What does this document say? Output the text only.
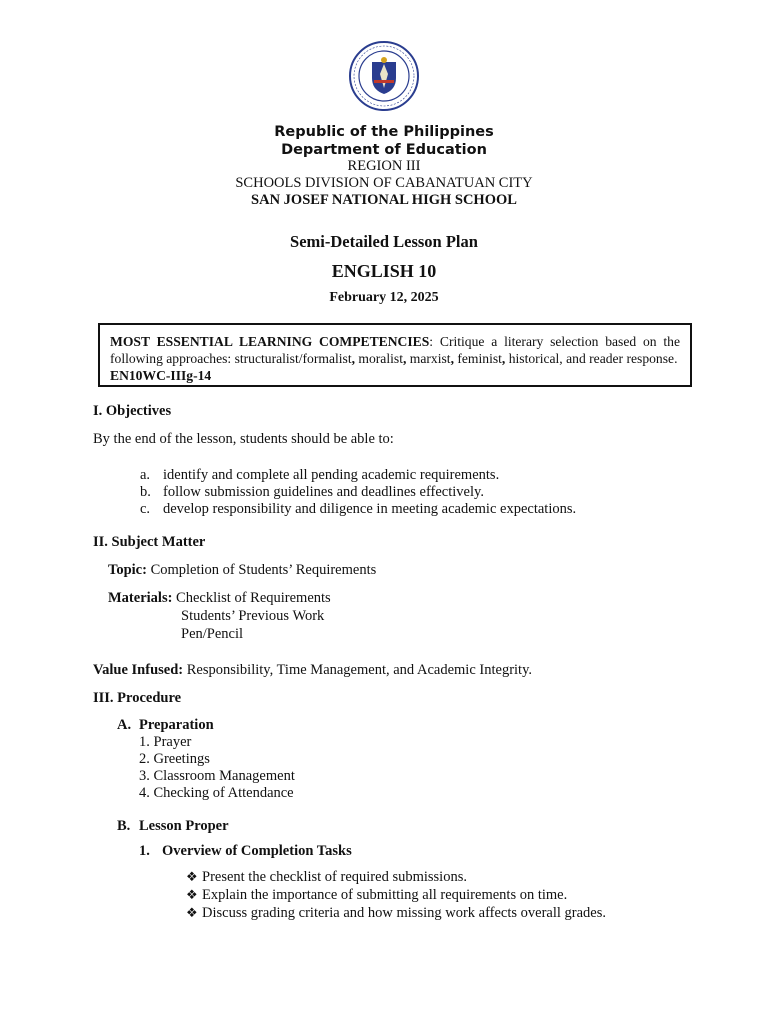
Republic of the Philippines
Department of Education
REGION III
SCHOOLS DIVISION OF CABANATUAN CITY
SAN JOSEF NATIONAL HIGH SCHOOL
Semi-Detailed Lesson Plan
ENGLISH 10
February 12, 2025
MOST ESSENTIAL LEARNING COMPETENCIES: Critique a literary selection based on the following approaches: structuralist/formalist, moralist, marxist, feminist, historical, and reader response.
EN10WC-IIIg-14
I. Objectives
By the end of the lesson, students should be able to:
a. identify and complete all pending academic requirements.
b. follow submission guidelines and deadlines effectively.
c. develop responsibility and diligence in meeting academic expectations.
II. Subject Matter
Topic: Completion of Students’ Requirements
Materials: Checklist of Requirements
Students’ Previous Work
Pen/Pencil
Value Infused: Responsibility, Time Management, and Academic Integrity.
III. Procedure
A. Preparation
1. Prayer
2. Greetings
3. Classroom Management
4. Checking of Attendance
B. Lesson Proper
1. Overview of Completion Tasks
❖ Present the checklist of required submissions.
❖ Explain the importance of submitting all requirements on time.
❖ Discuss grading criteria and how missing work affects overall grades.
